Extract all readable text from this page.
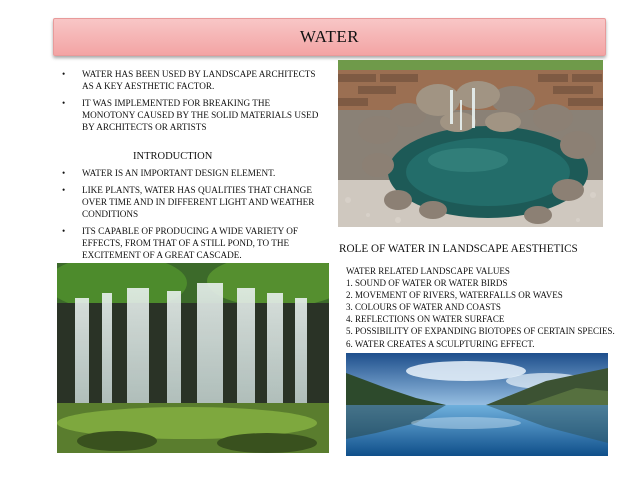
WATER
• WATER HAS BEEN USED BY LANDSCAPE ARCHITECTS AS A KEY AESTHETIC FACTOR.
• IT WAS IMPLEMENTED FOR BREAKING THE MONOTONY CAUSED BY THE SOLID MATERIALS USED BY ARCHITECTS OR ARTISTS
INTRODUCTION
• WATER IS AN IMPORTANT DESIGN ELEMENT.
• LIKE PLANTS, WATER HAS QUALITIES THAT CHANGE OVER TIME AND IN DIFFERENT LIGHT AND WEATHER CONDITIONS
• ITS CAPABLE OF PRODUCING A WIDE VARIETY OF EFFECTS, FROM THAT OF A STILL POND, TO THE EXCITEMENT OF A GREAT CASCADE.	ROLE OF WATER IN LANDSCAPE AESTHETICS
WATER RELATED LANDSCAPE VALUES
1. SOUND OF WATER OR WATER BIRDS
2. MOVEMENT OF RIVERS, WATERFALLS OR WAVES
3. COLOURS OF WATER AND COASTS
4. REFLECTIONS ON WATER SURFACE
5. POSSIBILITY OF EXPANDING BIOTOPES OF CERTAIN SPECIES.
6. WATER CREATES A SCULPTURING EFFECT.
